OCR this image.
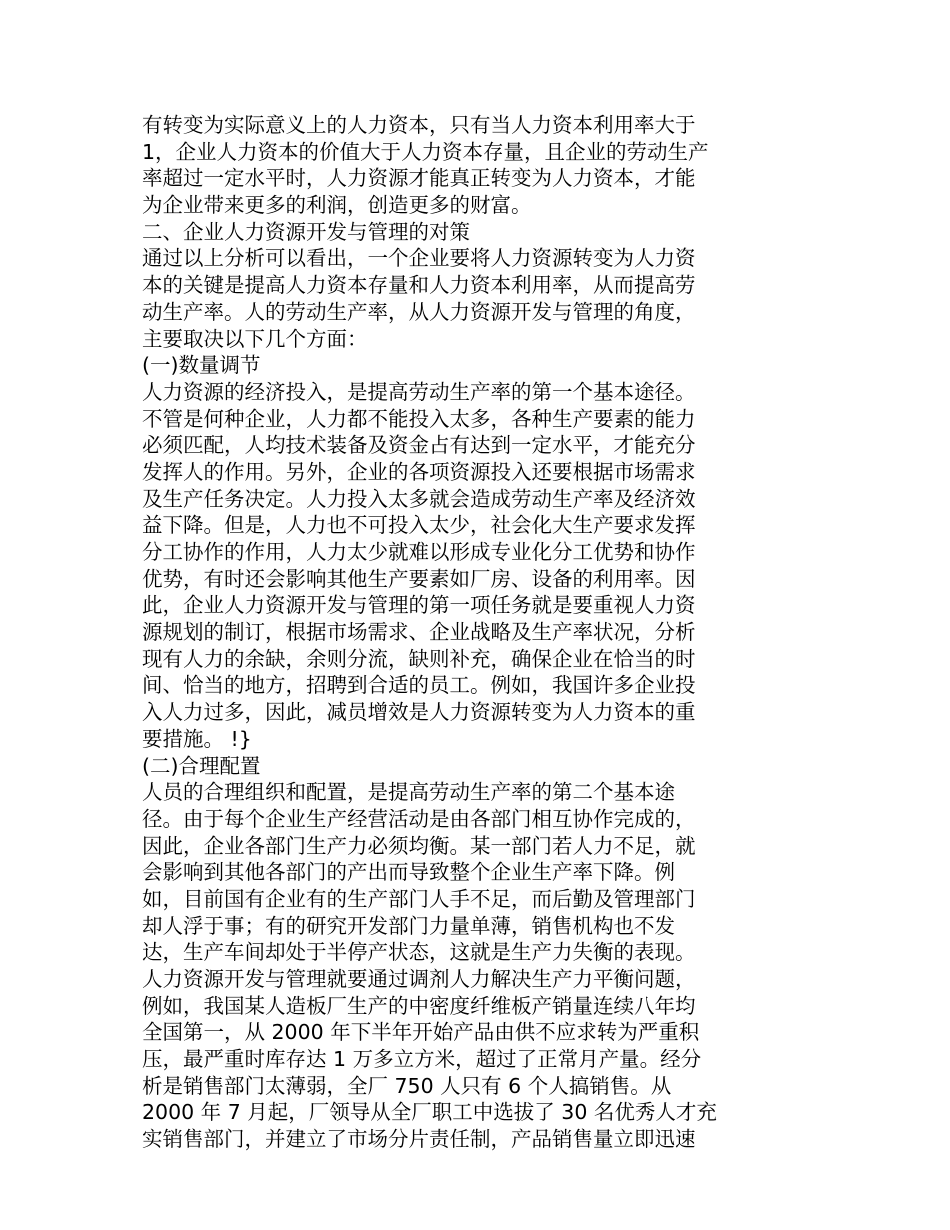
有转变为实际意义上的人力资本，只有当人力资本利用率大于
1，企业人力资本的价值大于人力资本存量，且企业的劳动生产
率超过一定水平时，人力资源才能真正转变为人力资本，才能
为企业带来更多的利润，创造更多的财富。
二、企业人力资源开发与管理的对策
通过以上分析可以看出，一个企业要将人力资源转变为人力资
本的关键是提高人力资本存量和人力资本利用率，从而提高劳
动生产率。人的劳动生产率，从人力资源开发与管理的角度，
主要取决以下几个方面：
(一)数量调节
人力资源的经济投入，是提高劳动生产率的第一个基本途径。
不管是何种企业，人力都不能投入太多，各种生产要素的能力
必须匹配，人均技术装备及资金占有达到一定水平，才能充分
发挥人的作用。另外，企业的各项资源投入还要根据市场需求
及生产任务决定。人力投入太多就会造成劳动生产率及经济效
益下降。但是，人力也不可投入太少，社会化大生产要求发挥
分工协作的作用，人力太少就难以形成专业化分工优势和协作
优势，有时还会影响其他生产要素如厂房、设备的利用率。因
此，企业人力资源开发与管理的第一项任务就是要重视人力资
源规划的制订，根据市场需求、企业战略及生产率状况，分析
现有人力的余缺，余则分流，缺则补充，确保企业在恰当的时
间、恰当的地方，招聘到合适的员工。例如，我国许多企业投
入人力过多，因此，减员增效是人力资源转变为人力资本的重
要措施。 !}
(二)合理配置
人员的合理组织和配置，是提高劳动生产率的第二个基本途
径。由于每个企业生产经营活动是由各部门相互协作完成的，
因此，企业各部门生产力必须均衡。某一部门若人力不足，就
会影响到其他各部门的产出而导致整个企业生产率下降。例
如，目前国有企业有的生产部门人手不足，而后勤及管理部门
却人浮于事；有的研究开发部门力量单薄，销售机构也不发
达，生产车间却处于半停产状态，这就是生产力失衡的表现。
人力资源开发与管理就要通过调剂人力解决生产力平衡问题，
例如，我国某人造板厂生产的中密度纤维板产销量连续八年均
全国第一，从 2000 年下半年开始产品由供不应求转为严重积
压，最严重时库存达 1 万多立方米，超过了正常月产量。经分
析是销售部门太薄弱，全厂 750 人只有 6 个人搞销售。从
2000 年 7 月起，厂领导从全厂职工中选拔了 30 名优秀人才充
实销售部门，并建立了市场分片责任制，产品销售量立即迅速
